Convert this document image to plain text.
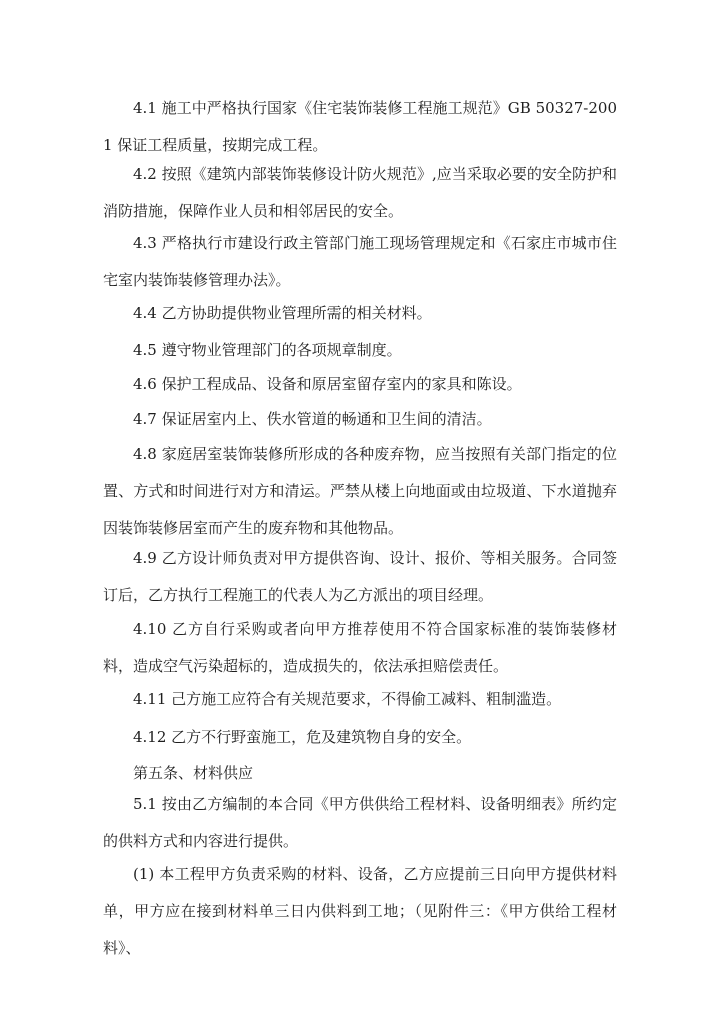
4.1 施工中严格执行国家《住宅装饰装修工程施工规范》GB 50327-2001 保证工程质量，按期完成工程。

4.2 按照《建筑内部装饰装修设计防火规范》,应当采取必要的安全防护和消防措施，保障作业人员和相邻居民的安全。

4.3 严格执行市建设行政主管部门施工现场管理规定和《石家庄市城市住宅室内装饰装修管理办法》。

4.4 乙方协助提供物业管理所需的相关材料。

4.5 遵守物业管理部门的各项规章制度。

4.6 保护工程成品、设备和原居室留存室内的家具和陈设。

4.7 保证居室内上、佚水管道的畅通和卫生间的清洁。

4.8 家庭居室装饰装修所形成的各种废弃物，应当按照有关部门指定的位置、方式和时间进行对方和清运。严禁从楼上向地面或由垃圾道、下水道抛弃因装饰装修居室而产生的废弃物和其他物品。

4.9 乙方设计师负责对甲方提供咨询、设计、报价、等相关服务。合同签订后，乙方执行工程施工的代表人为乙方派出的项目经理。

4.10 乙方自行采购或者向甲方推荐使用不符合国家标准的装饰装修材料，造成空气污染超标的，造成损失的，依法承担赔偿责任。

4.11 己方施工应符合有关规范要求，不得偷工减料、粗制滥造。

4.12 乙方不行野蛮施工，危及建筑物自身的安全。

第五条、材料供应

5.1 按由乙方编制的本合同《甲方供供给工程材料、设备明细表》所约定的供料方式和内容进行提供。

(1) 本工程甲方负责采购的材料、设备，乙方应提前三日向甲方提供材料单，甲方应在接到材料单三日内供料到工地；（见附件三：《甲方供给工程材料》、
